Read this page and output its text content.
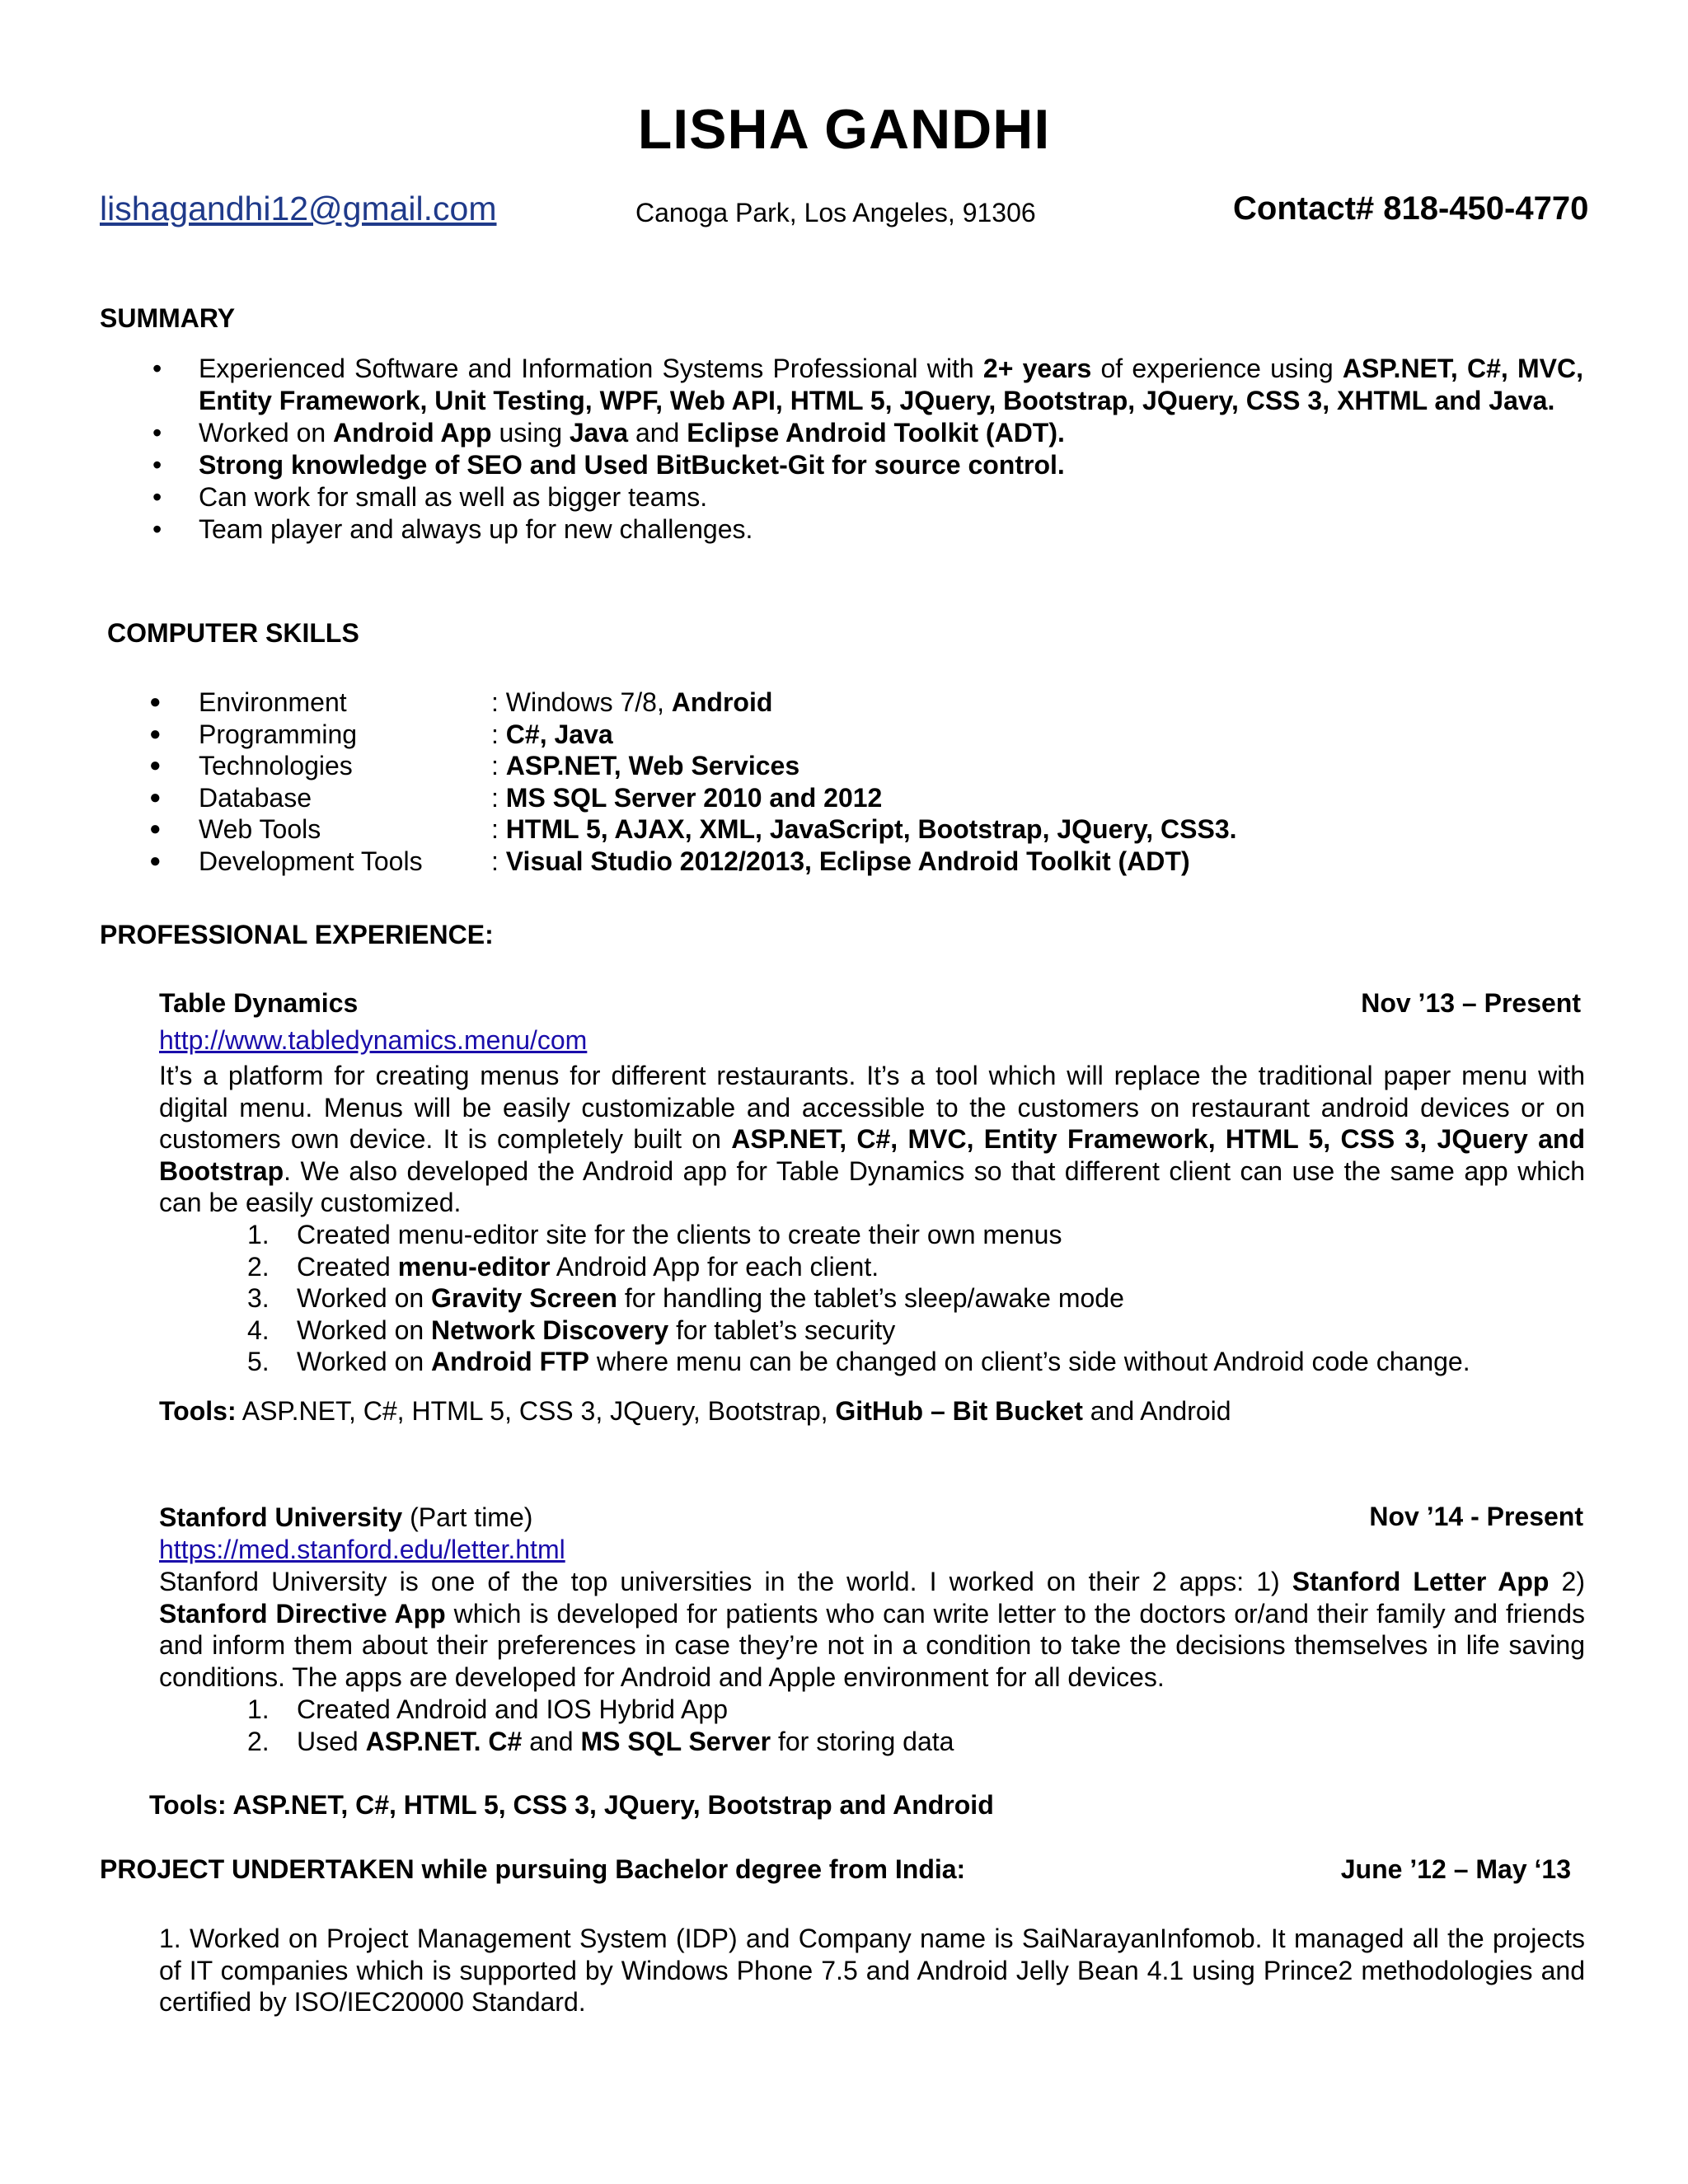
LISHA GANDHI
lishagandhi12@gmail.com	Canoga Park, Los Angeles, 91306	Contact# 818-450-4770
SUMMARY
• Experienced Software and Information Systems Professional with 2+ years of experience using ASP.NET, C#, MVC, Entity Framework, Unit Testing, WPF, Web API, HTML 5, JQuery, Bootstrap, JQuery, CSS 3, XHTML and Java.
• Worked on Android App using Java and Eclipse Android Toolkit (ADT).
• Strong knowledge of SEO and Used BitBucket-Git for source control.
• Can work for small as well as bigger teams.
• Team player and always up for new challenges.
COMPUTER SKILLS
● Environment	: Windows 7/8, Android
● Programming	: C#, Java
● Technologies	: ASP.NET, Web Services
● Database	: MS SQL Server 2010 and 2012
● Web Tools	: HTML 5, AJAX, XML, JavaScript, Bootstrap, JQuery, CSS3.
● Development Tools	: Visual Studio 2012/2013, Eclipse Android Toolkit (ADT)
PROFESSIONAL EXPERIENCE:
Table Dynamics	Nov ’13 – Present
http://www.tabledynamics.menu/com
It’s a platform for creating menus for different restaurants. It’s a tool which will replace the traditional paper menu with digital menu. Menus will be easily customizable and accessible to the customers on restaurant android devices or on customers own device. It is completely built on ASP.NET, C#, MVC, Entity Framework, HTML 5, CSS 3, JQuery and Bootstrap. We also developed the Android app for Table Dynamics so that different client can use the same app which can be easily customized.
1. Created menu-editor site for the clients to create their own menus
2. Created menu-editor Android App for each client.
3. Worked on Gravity Screen for handling the tablet’s sleep/awake mode
4. Worked on Network Discovery for tablet’s security
5. Worked on Android FTP where menu can be changed on client’s side without Android code change.
Tools: ASP.NET, C#, HTML 5, CSS 3, JQuery, Bootstrap, GitHub – Bit Bucket and Android
Stanford University (Part time)	Nov ’14 - Present
https://med.stanford.edu/letter.html
Stanford University is one of the top universities in the world. I worked on their 2 apps: 1) Stanford Letter App 2) Stanford Directive App which is developed for patients who can write letter to the doctors or/and their family and friends and inform them about their preferences in case they’re not in a condition to take the decisions themselves in life saving conditions. The apps are developed for Android and Apple environment for all devices.
1. Created Android and IOS Hybrid App
2. Used ASP.NET. C# and MS SQL Server for storing data
Tools: ASP.NET, C#, HTML 5, CSS 3, JQuery, Bootstrap and Android
PROJECT UNDERTAKEN while pursuing Bachelor degree from India:	June ’12 – May ‘13
1. Worked on Project Management System (IDP) and Company name is SaiNarayanInfomob. It managed all the projects of IT companies which is supported by Windows Phone 7.5 and Android Jelly Bean 4.1 using Prince2 methodologies and certified by ISO/IEC20000 Standard.
